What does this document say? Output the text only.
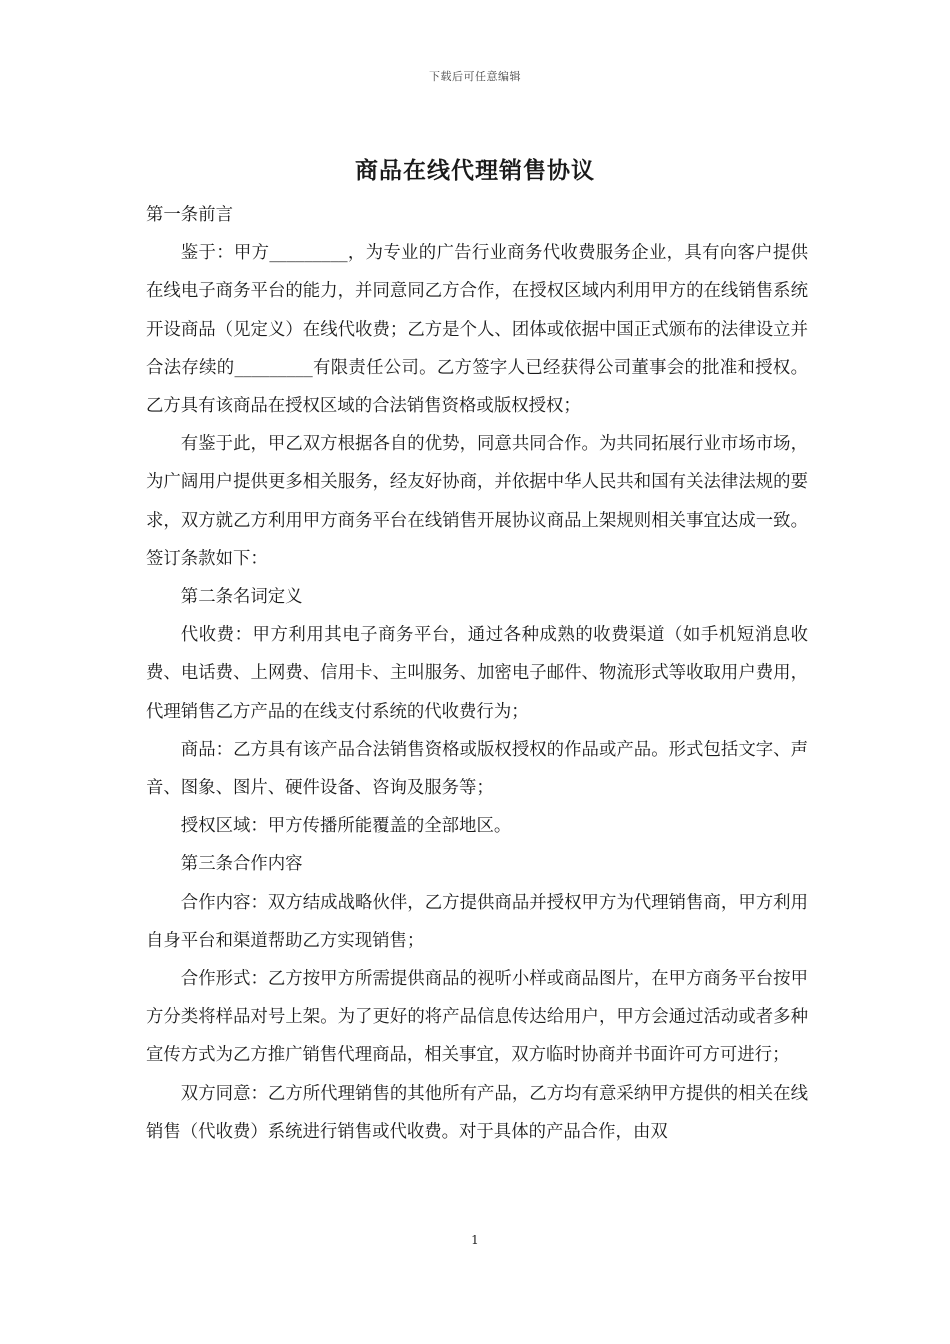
下载后可任意编辑
商品在线代理销售协议

第一条前言

鉴于：甲方_________，为专业的广告行业商务代收费服务企业，具有向客户提供在线电子商务平台的能力，并同意同乙方合作，在授权区域内利用甲方的在线销售系统开设商品（见定义）在线代收费；乙方是个人、团体或依据中国正式颁布的法律设立并合法存续的_________有限责任公司。乙方签字人已经获得公司董事会的批准和授权。乙方具有该商品在授权区域的合法销售资格或版权授权；

有鉴于此，甲乙双方根据各自的优势，同意共同合作。为共同拓展行业市场市场，为广阔用户提供更多相关服务，经友好协商，并依据中华人民共和国有关法律法规的要求，双方就乙方利用甲方商务平台在线销售开展协议商品上架规则相关事宜达成一致。签订条款如下：

第二条名词定义

代收费：甲方利用其电子商务平台，通过各种成熟的收费渠道（如手机短消息收费、电话费、上网费、信用卡、主叫服务、加密电子邮件、物流形式等收取用户费用，代理销售乙方产品的在线支付系统的代收费行为；

商品：乙方具有该产品合法销售资格或版权授权的作品或产品。形式包括文字、声音、图象、图片、硬件设备、咨询及服务等；

授权区域：甲方传播所能覆盖的全部地区。

第三条合作内容

合作内容：双方结成战略伙伴，乙方提供商品并授权甲方为代理销售商，甲方利用自身平台和渠道帮助乙方实现销售；

合作形式：乙方按甲方所需提供商品的视听小样或商品图片，在甲方商务平台按甲方分类将样品对号上架。为了更好的将产品信息传达给用户，甲方会通过活动或者多种宣传方式为乙方推广销售代理商品，相关事宜，双方临时协商并书面许可方可进行；

双方同意：乙方所代理销售的其他所有产品，乙方均有意采纳甲方提供的相关在线销售（代收费）系统进行销售或代收费。对于具体的产品合作，由双

1
